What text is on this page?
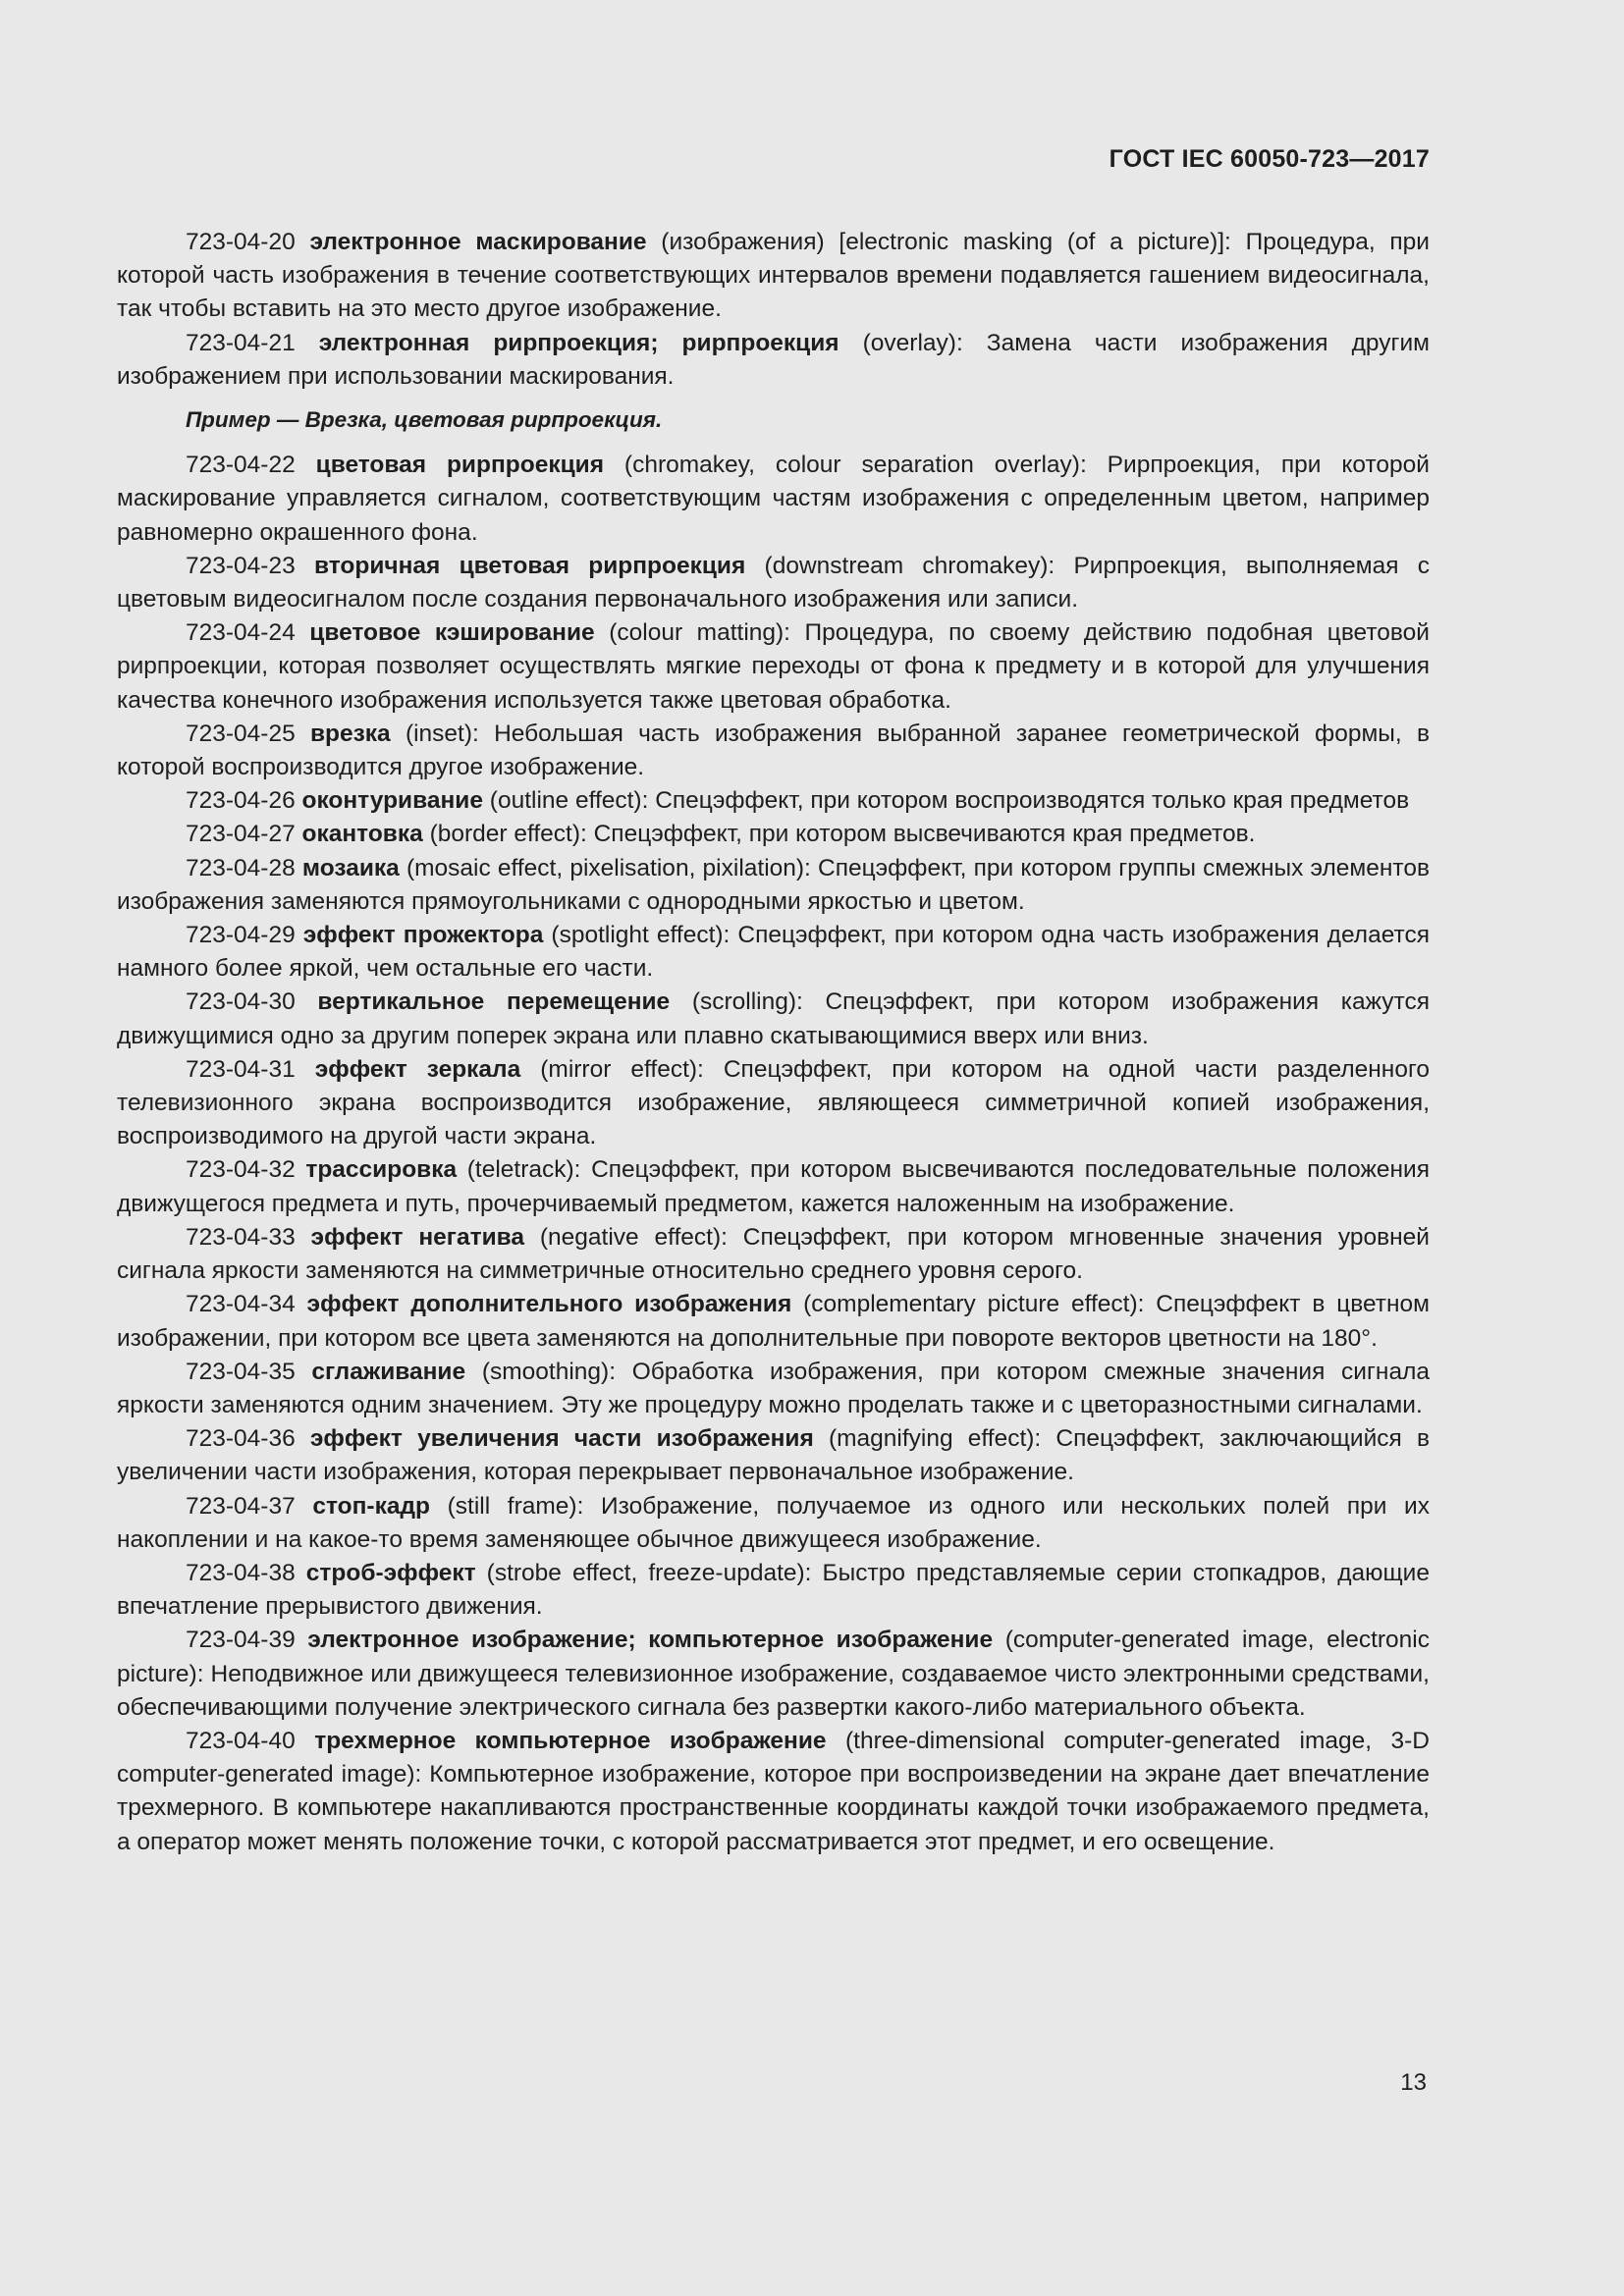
ГОСТ IEC 60050-723—2017

723-04-20 электронное маскирование (изображения) [electronic masking (of a picture)]: Процедура, при которой часть изображения в течение соответствующих интервалов времени подавляется гашением видеосигнала, так чтобы вставить на это место другое изображение.

723-04-21 электронная рирпроекция; рирпроекция (overlay): Замена части изображения другим изображением при использовании маскирования.

Пример — Врезка, цветовая рирпроекция.

723-04-22 цветовая рирпроекция (chromakey, colour separation overlay): Рирпроекция, при которой маскирование управляется сигналом, соответствующим частям изображения с определенным цветом, например равномерно окрашенного фона.

723-04-23 вторичная цветовая рирпроекция (downstream chromakey): Рирпроекция, выполняемая с цветовым видеосигналом после создания первоначального изображения или записи.

723-04-24 цветовое кэширование (colour matting): Процедура, по своему действию подобная цветовой рирпроекции, которая позволяет осуществлять мягкие переходы от фона к предмету и в которой для улучшения качества конечного изображения используется также цветовая обработка.

723-04-25 врезка (inset): Небольшая часть изображения выбранной заранее геометрической формы, в которой воспроизводится другое изображение.

723-04-26 оконтуривание (outline effect): Спецэффект, при котором воспроизводятся только края предметов

723-04-27 окантовка (border effect): Спецэффект, при котором высвечиваются края предметов.

723-04-28 мозаика (mosaic effect, pixelisation, pixilation): Спецэффект, при котором группы смежных элементов изображения заменяются прямоугольниками с однородными яркостью и цветом.

723-04-29 эффект прожектора (spotlight effect): Спецэффект, при котором одна часть изображения делается намного более яркой, чем остальные его части.

723-04-30 вертикальное перемещение (scrolling): Спецэффект, при котором изображения кажутся движущимися одно за другим поперек экрана или плавно скатывающимися вверх или вниз.

723-04-31 эффект зеркала (mirror effect): Спецэффект, при котором на одной части разделенного телевизионного экрана воспроизводится изображение, являющееся симметричной копией изображения, воспроизводимого на другой части экрана.

723-04-32 трассировка (teletrack): Спецэффект, при котором высвечиваются последовательные положения движущегося предмета и путь, прочерчиваемый предметом, кажется наложенным на изображение.

723-04-33 эффект негатива (negative effect): Спецэффект, при котором мгновенные значения уровней сигнала яркости заменяются на симметричные относительно среднего уровня серого.

723-04-34 эффект дополнительного изображения (complementary picture effect): Спецэффект в цветном изображении, при котором все цвета заменяются на дополнительные при повороте векторов цветности на 180°.

723-04-35 сглаживание (smoothing): Обработка изображения, при котором смежные значения сигнала яркости заменяются одним значением. Эту же процедуру можно проделать также и с цветоразностными сигналами.

723-04-36 эффект увеличения части изображения (magnifying effect): Спецэффект, заключающийся в увеличении части изображения, которая перекрывает первоначальное изображение.

723-04-37 стоп-кадр (still frame): Изображение, получаемое из одного или нескольких полей при их накоплении и на какое-то время заменяющее обычное движущееся изображение.

723-04-38 строб-эффект (strobe effect, freeze-update): Быстро представляемые серии стопкадров, дающие впечатление прерывистого движения.

723-04-39 электронное изображение; компьютерное изображение (computer-generated image, electronic picture): Неподвижное или движущееся телевизионное изображение, создаваемое чисто электронными средствами, обеспечивающими получение электрического сигнала без развертки какого-либо материального объекта.

723-04-40 трехмерное компьютерное изображение (three-dimensional computer-generated image, 3-D computer-generated image): Компьютерное изображение, которое при воспроизведении на экране дает впечатление трехмерного. В компьютере накапливаются пространственные координаты каждой точки изображаемого предмета, а оператор может менять положение точки, с которой рассматривается этот предмет, и его освещение.

13
